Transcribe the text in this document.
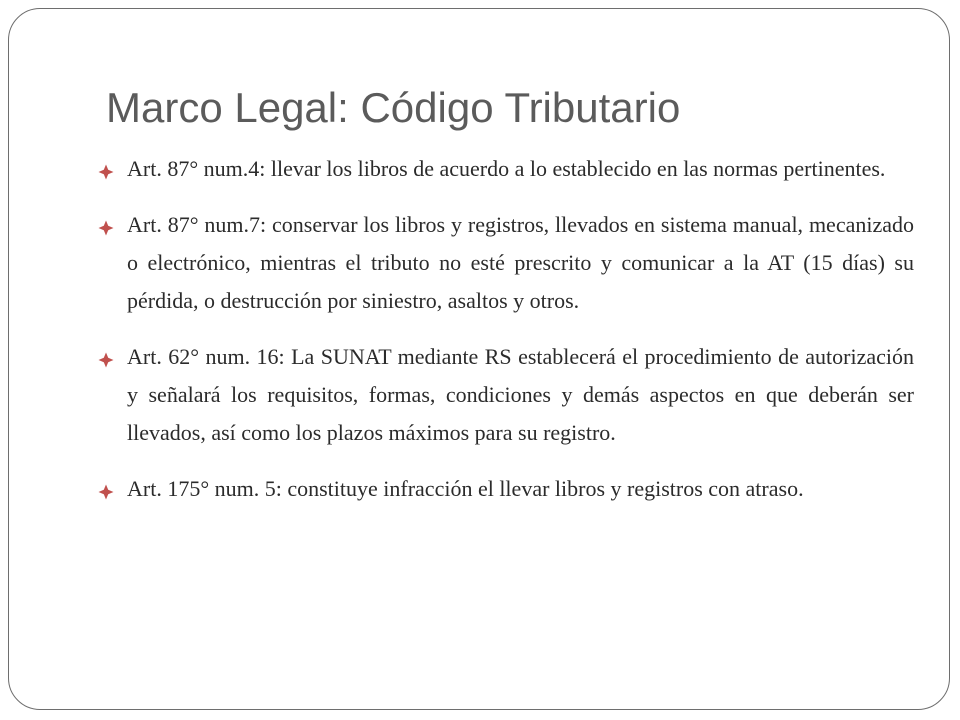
Marco Legal: Código Tributario
Art. 87° num.4: llevar los libros de acuerdo a lo establecido en las normas pertinentes.
Art. 87° num.7: conservar los libros y registros, llevados en sistema manual, mecanizado o electrónico, mientras el tributo no esté prescrito y comunicar a la AT (15 días) su pérdida, o destrucción por siniestro, asaltos y otros.
Art. 62° num. 16: La SUNAT mediante RS establecerá el procedimiento de autorización y señalará los requisitos, formas, condiciones y demás aspectos en que deberán ser llevados, así como los plazos máximos para su registro.
Art. 175° num. 5: constituye infracción el llevar libros y registros con atraso.
